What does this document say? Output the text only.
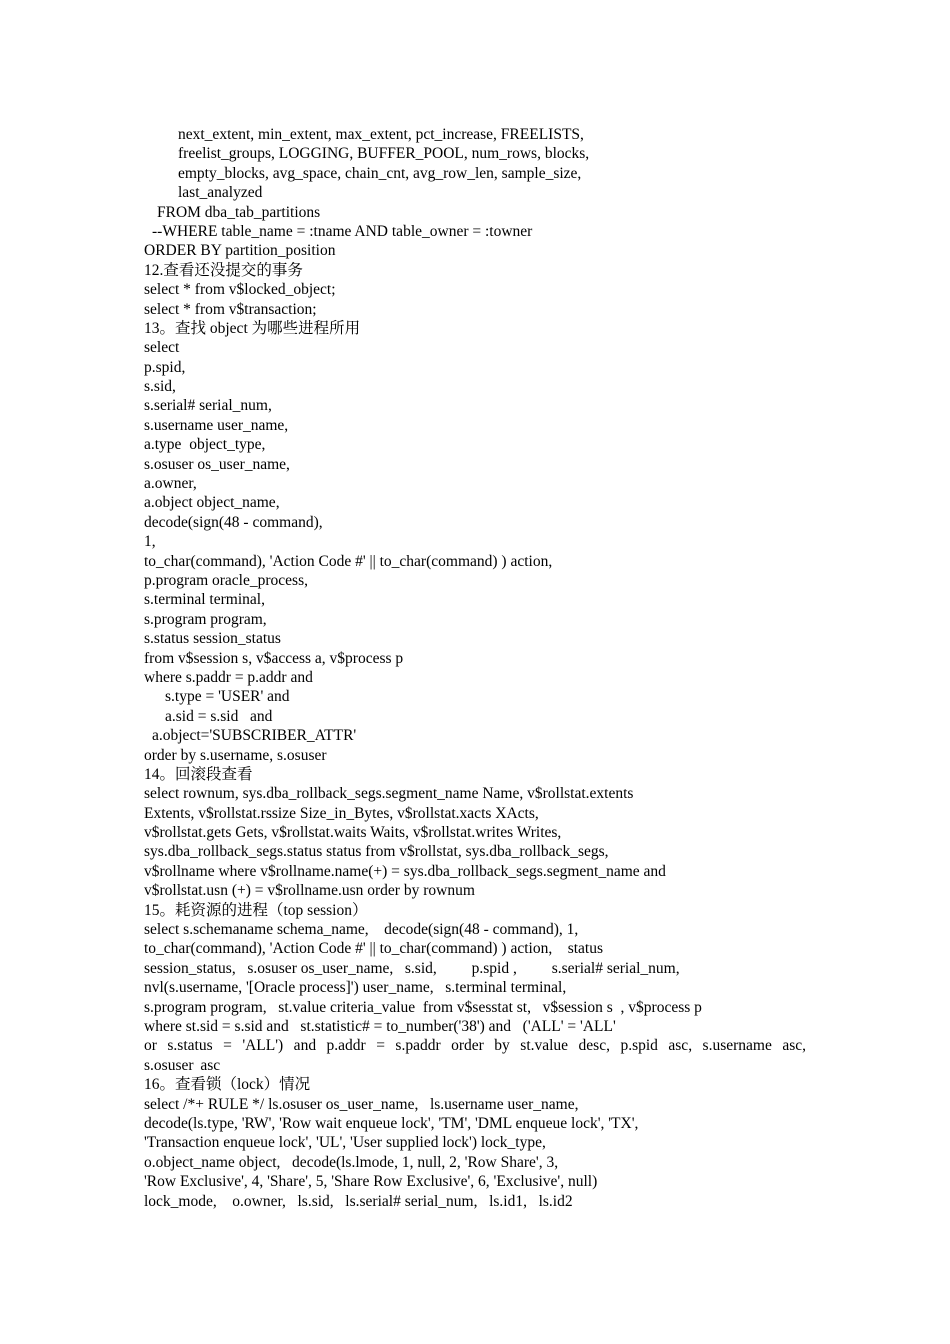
next_extent, min_extent, max_extent, pct_increase, FREELISTS,
freelist_groups, LOGGING, BUFFER_POOL, num_rows, blocks,
empty_blocks, avg_space, chain_cnt, avg_row_len, sample_size,
last_analyzed
FROM dba_tab_partitions
--WHERE table_name = :tname AND table_owner = :towner
ORDER BY partition_position
12.查看还没提交的事务
select * from v$locked_object;
select * from v$transaction;
13。查找 object 为哪些进程所用
select
p.spid,
s.sid,
s.serial# serial_num,
s.username user_name,
a.type  object_type,
s.osuser os_user_name,
a.owner,
a.object object_name,
decode(sign(48 - command),
1,
to_char(command), 'Action Code #' || to_char(command) ) action,
p.program oracle_process,
s.terminal terminal,
s.program program,
s.status session_status
from v$session s, v$access a, v$process p
where s.paddr = p.addr and
s.type = 'USER' and
a.sid = s.sid   and
a.object='SUBSCRIBER_ATTR'
order by s.username, s.osuser
14。回滚段查看
select rownum, sys.dba_rollback_segs.segment_name Name, v$rollstat.extents
Extents, v$rollstat.rssize Size_in_Bytes, v$rollstat.xacts XActs,
v$rollstat.gets Gets, v$rollstat.waits Waits, v$rollstat.writes Writes,
sys.dba_rollback_segs.status status from v$rollstat, sys.dba_rollback_segs,
v$rollname where v$rollname.name(+) = sys.dba_rollback_segs.segment_name and
v$rollstat.usn (+) = v$rollname.usn order by rownum
15。耗资源的进程（top session）
select s.schemaname schema_name,    decode(sign(48 - command), 1,
to_char(command), 'Action Code #' || to_char(command) ) action,    status
session_status,   s.osuser os_user_name,   s.sid,         p.spid ,         s.serial# serial_num,
nvl(s.username, '[Oracle process]') user_name,   s.terminal terminal,
s.program program,   st.value criteria_value  from v$sesstat st,   v$session s  , v$process p
where st.sid = s.sid and   st.statistic# = to_number('38') and   ('ALL' = 'ALL'
or s.status = 'ALL') and p.addr = s.paddr order by st.value desc, p.spid asc, s.username asc, s.osuser asc
16。查看锁（lock）情况
select /*+ RULE */ ls.osuser os_user_name,   ls.username user_name,
decode(ls.type, 'RW', 'Row wait enqueue lock', 'TM', 'DML enqueue lock', 'TX',
'Transaction enqueue lock', 'UL', 'User supplied lock') lock_type,
o.object_name object,   decode(ls.lmode, 1, null, 2, 'Row Share', 3,
'Row Exclusive', 4, 'Share', 5, 'Share Row Exclusive', 6, 'Exclusive', null)
lock_mode,    o.owner,   ls.sid,   ls.serial# serial_num,   ls.id1,   ls.id2
